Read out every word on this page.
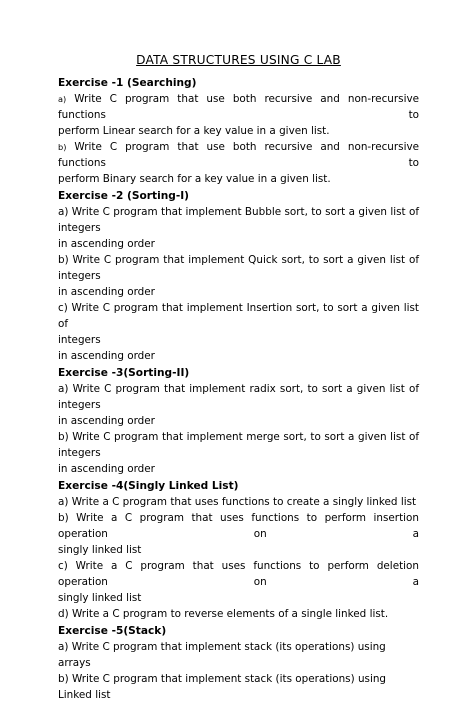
DATA STRUCTURES USING C LAB

Exercise -1 (Searching)

a) Write C program that use both recursive and non-recursive functions to

perform Linear search for a key value in a given list.

b) Write C program that use both recursive and non-recursive functions to

perform Binary search for a key value in a given list.

Exercise -2 (Sorting-I)

a) Write C program that implement Bubble sort, to sort a given list of

integers

in ascending order

b) Write C program that implement Quick sort, to sort a given list of integers

in ascending order

c) Write C program that implement Insertion sort, to sort a given list of

integers

in ascending order

Exercise -3(Sorting-II)

a) Write C program that implement radix sort, to sort a given list of integers

in ascending order

b) Write C program that implement merge sort, to sort a given list of integers

in ascending order

Exercise -4(Singly Linked List)

a) Write a C program that uses functions to create a singly linked list

b) Write a C program that uses functions to perform insertion operation on a

singly linked list

c) Write a C program that uses functions to perform deletion operation on a

singly linked list

d) Write a C program to reverse elements of a single linked list.

Exercise -5(Stack)

a) Write C program that implement stack (its operations) using arrays

b) Write C program that implement stack (its operations) using Linked list
